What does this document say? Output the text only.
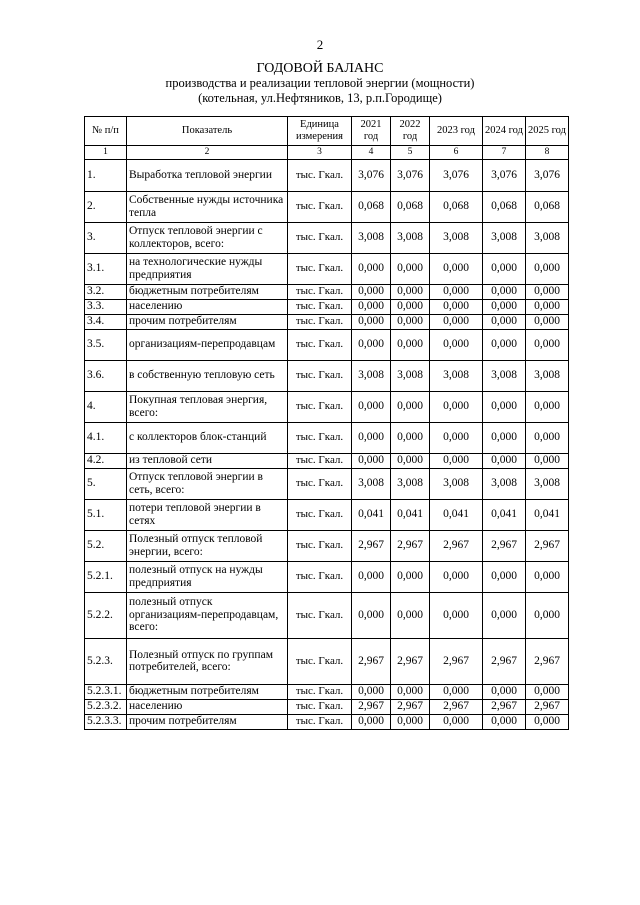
2
ГОДОВОЙ БАЛАНС
производства и реализации тепловой энергии (мощности)
(котельная, ул.Нефтяников, 13, р.п.Городище)
№ п/п	Показатель	Единица измерения	2021 год	2022 год	2023 год	2024 год	2025 год
1	2	3	4	5	6	7	8
1.	Выработка тепловой энергии	тыс. Гкал.	3,076	3,076	3,076	3,076	3,076
2.	Собственные нужды источника тепла	тыс. Гкал.	0,068	0,068	0,068	0,068	0,068
3.	Отпуск тепловой энергии с коллекторов, всего:	тыс. Гкал.	3,008	3,008	3,008	3,008	3,008
3.1.	на технологические нужды предприятия	тыс. Гкал.	0,000	0,000	0,000	0,000	0,000
3.2.	бюджетным потребителям	тыс. Гкал.	0,000	0,000	0,000	0,000	0,000
3.3.	населению	тыс. Гкал.	0,000	0,000	0,000	0,000	0,000
3.4.	прочим потребителям	тыс. Гкал.	0,000	0,000	0,000	0,000	0,000
3.5.	организациям-перепродавцам	тыс. Гкал.	0,000	0,000	0,000	0,000	0,000
3.6.	в собственную тепловую сеть	тыс. Гкал.	3,008	3,008	3,008	3,008	3,008
4.	Покупная тепловая энергия, всего:	тыс. Гкал.	0,000	0,000	0,000	0,000	0,000
4.1.	с коллекторов блок-станций	тыс. Гкал.	0,000	0,000	0,000	0,000	0,000
4.2.	из тепловой сети	тыс. Гкал.	0,000	0,000	0,000	0,000	0,000
5.	Отпуск тепловой энергии в сеть, всего:	тыс. Гкал.	3,008	3,008	3,008	3,008	3,008
5.1.	потери тепловой энергии в сетях	тыс. Гкал.	0,041	0,041	0,041	0,041	0,041
5.2.	Полезный отпуск тепловой энергии, всего:	тыс. Гкал.	2,967	2,967	2,967	2,967	2,967
5.2.1.	полезный отпуск на нужды предприятия	тыс. Гкал.	0,000	0,000	0,000	0,000	0,000
5.2.2.	полезный отпуск организациям-перепродавцам, всего:	тыс. Гкал.	0,000	0,000	0,000	0,000	0,000
5.2.3.	Полезный отпуск по группам потребителей, всего:	тыс. Гкал.	2,967	2,967	2,967	2,967	2,967
5.2.3.1.	бюджетным потребителям	тыс. Гкал.	0,000	0,000	0,000	0,000	0,000
5.2.3.2.	населению	тыс. Гкал.	2,967	2,967	2,967	2,967	2,967
5.2.3.3.	прочим потребителям	тыс. Гкал.	0,000	0,000	0,000	0,000	0,000
